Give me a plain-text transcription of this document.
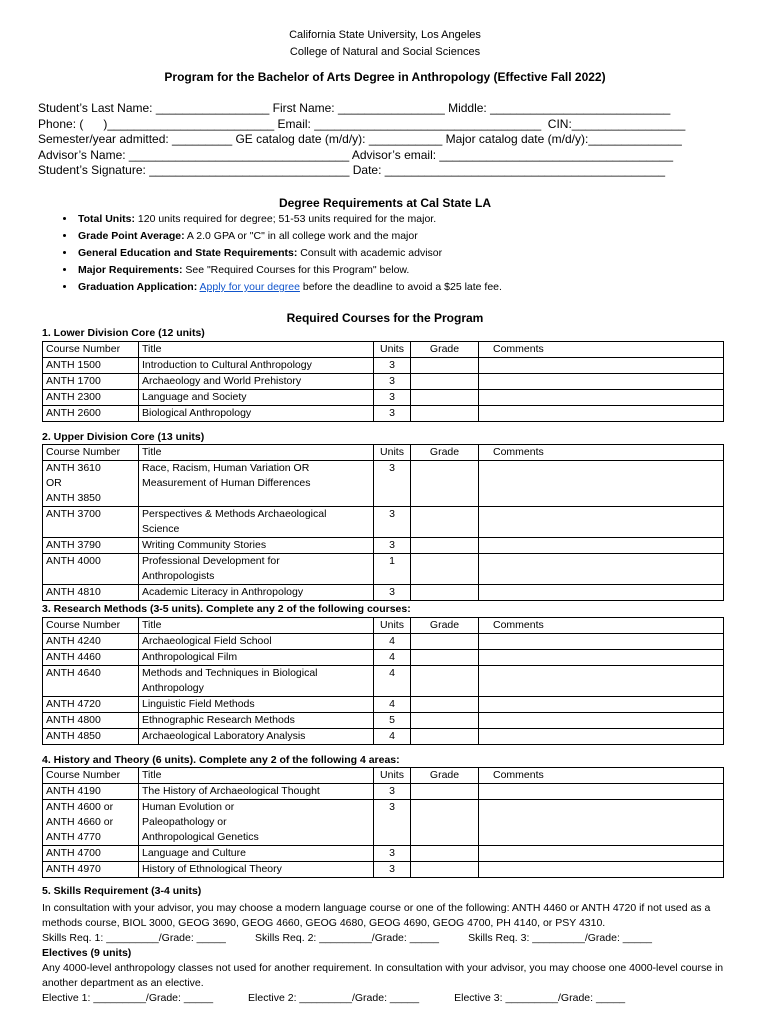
California State University, Los Angeles
College of Natural and Social Sciences
Program for the Bachelor of Arts Degree in Anthropology (Effective Fall 2022)
Student’s Last Name: _________________ First Name: ________________ Middle: ___________________________
Phone: (      )_________________________ Email: __________________________________  CIN:_________________
Semester/year admitted: _________ GE catalog date (m/d/y): ___________ Major catalog date (m/d/y):______________
Advisor’s Name: _________________________________ Advisor’s email: ___________________________________
Student’s Signature: ______________________________ Date: __________________________________________
Degree Requirements at Cal State LA
• Total Units: 120 units required for degree; 51-53 units required for the major.
• Grade Point Average: A 2.0 GPA or "C" in all college work and the major
• General Education and State Requirements: Consult with academic advisor
• Major Requirements: See "Required Courses for this Program" below.
• Graduation Application: Apply for your degree before the deadline to avoid a $25 late fee.
Required Courses for the Program
1. Lower Division Core (12 units)
Course Number	Title	Units	Grade	Comments
ANTH 1500	Introduction to Cultural Anthropology	3		
ANTH 1700	Archaeology and World Prehistory	3		
ANTH 2300	Language and Society	3		
ANTH 2600	Biological Anthropology	3		
2. Upper Division Core (13 units)
Course Number	Title	Units	Grade	Comments
ANTH 3610
OR
ANTH 3850	Race, Racism, Human Variation OR
Measurement of Human Differences	3		
ANTH 3700	Perspectives & Methods Archaeological
Science	3		
ANTH 3790	Writing Community Stories	3		
ANTH 4000	Professional Development for
Anthropologists	1		
ANTH 4810	Academic Literacy in Anthropology	3		
3. Research Methods (3-5 units). Complete any 2 of the following courses:
Course Number	Title	Units	Grade	Comments
ANTH 4240	Archaeological Field School	4		
ANTH 4460	Anthropological Film	4		
ANTH 4640	Methods and Techniques in Biological
Anthropology	4		
ANTH 4720	Linguistic Field Methods	4		
ANTH 4800	Ethnographic Research Methods	5		
ANTH 4850	Archaeological Laboratory Analysis	4		
4. History and Theory (6 units). Complete any 2 of the following 4 areas:
Course Number	Title	Units	Grade	Comments
ANTH 4190	The History of Archaeological Thought	3		
ANTH 4600 or
ANTH 4660 or
ANTH 4770	Human Evolution or
Paleopathology or
Anthropological Genetics	3		
ANTH 4700	Language and Culture	3		
ANTH 4970	History of Ethnological Theory	3		
5. Skills Requirement (3-4 units)
In consultation with your advisor, you may choose a modern language course or one of the following: ANTH 4460 or ANTH 4720 if not used as a methods course, BIOL 3000, GEOG 3690, GEOG 4660, GEOG 4680, GEOG 4690, GEOG 4700, PH 4140, or PSY 4310.
Skills Req. 1: _________/Grade: _____          Skills Req. 2: _________/Grade: _____          Skills Req. 3: _________/Grade: _____
Electives (9 units)
Any 4000-level anthropology classes not used for another requirement. In consultation with your advisor, you may choose one 4000-level course in another department as an elective.
Elective 1: _________/Grade: _____            Elective 2: _________/Grade: _____            Elective 3: _________/Grade: _____
